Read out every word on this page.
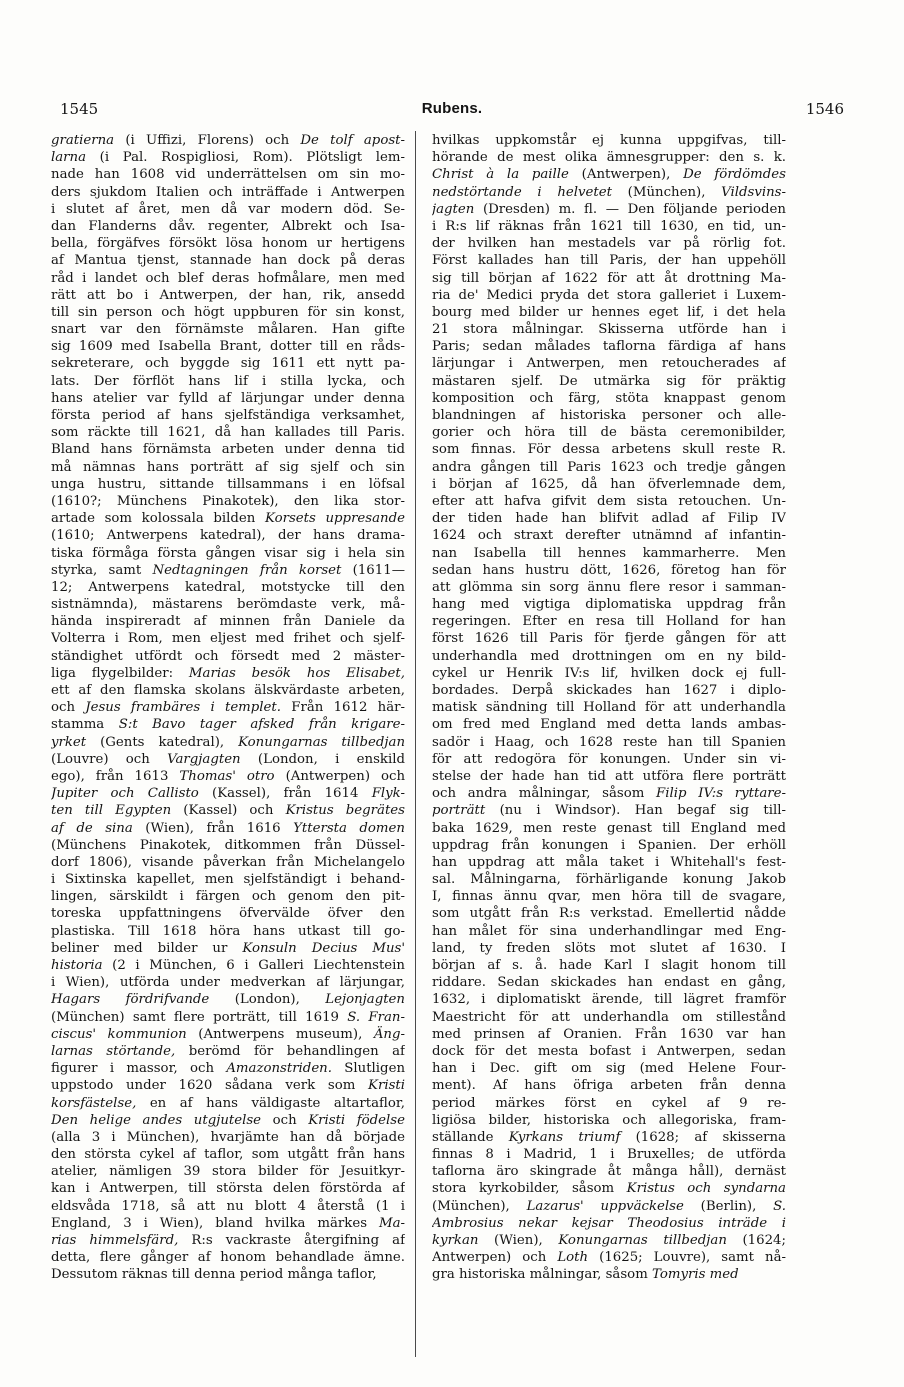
1545	Rubens.	1546
gratierna (i Uffizi, Florens) och De tolf apost-
larna (i Pal. Rospigliosi, Rom). Plötsligt lem-
nade han 1608 vid underrättelsen om sin mo-
ders sjukdom Italien och inträffade i Antwerpen
i slutet af året, men då var modern död. Se-
dan Flanderns dåv. regenter, Albrekt och Isa-
bella, förgäfves försökt lösa honom ur hertigens
af Mantua tjenst, stannade han dock på deras
råd i landet och blef deras hofmålare, men med
rätt att bo i Antwerpen, der han, rik, ansedd
till sin person och högt uppburen för sin konst,
snart var den förnämste målaren. Han gifte
sig 1609 med Isabella Brant, dotter till en råds-
sekreterare, och byggde sig 1611 ett nytt pa-
lats. Der förflöt hans lif i stilla lycka, och
hans atelier var fylld af lärjungar under denna
första period af hans sjelfständiga verksamhet,
som räckte till 1621, då han kallades till Paris.
Bland hans förnämsta arbeten under denna tid
må nämnas hans porträtt af sig sjelf och sin
unga hustru, sittande tillsammans i en löfsal
(1610?; Münchens Pinakotek), den lika stor-
artade som kolossala bilden Korsets uppresande
(1610; Antwerpens katedral), der hans drama-
tiska förmåga första gången visar sig i hela sin
styrka, samt Nedtagningen från korset (1611—
12; Antwerpens katedral, motstycke till den
sistnämnda), mästarens berömdaste verk, må-
hända inspireradt af minnen från Daniele da
Volterra i Rom, men eljest med frihet och sjelf-
ständighet utfördt och försedt med 2 mäster-
liga flygelbilder: Marias besök hos Elisabet,
ett af den flamska skolans älskvärdaste arbeten,
och Jesus frambäres i templet. Från 1612 här-
stamma S:t Bavo tager afsked från krigare-
yrket (Gents katedral), Konungarnas tillbedjan
(Louvre) och Vargjagten (London, i enskild
ego), från 1613 Thomas' otro (Antwerpen) och
Jupiter och Callisto (Kassel), från 1614 Flyk-
ten till Egypten (Kassel) och Kristus begrätes
af de sina (Wien), från 1616 Yttersta domen
(Münchens Pinakotek, ditkommen från Düssel-
dorf 1806), visande påverkan från Michelangelo
i Sixtinska kapellet, men sjelfständigt i behand-
lingen, särskildt i färgen och genom den pit-
toreska uppfattningens öfvervälde öfver den
plastiska. Till 1618 höra hans utkast till go-
beliner med bilder ur Konsuln Decius Mus'
historia (2 i München, 6 i Galleri Liechtenstein
i Wien), utförda under medverkan af lärjungar,
Hagars fördrifvande (London), Lejonjagten
(München) samt flere porträtt, till 1619 S. Fran-
ciscus' kommunion (Antwerpens museum), Äng-
larnas störtande, berömd för behandlingen af
figurer i massor, och Amazonstriden. Slutligen
uppstodo under 1620 sådana verk som Kristi
korsfästelse, en af hans väldigaste altartaflor,
Den helige andes utgjutelse och Kristi födelse
(alla 3 i München), hvarjämte han då började
den största cykel af taflor, som utgått från hans
atelier, nämligen 39 stora bilder för Jesuitkyr-
kan i Antwerpen, till största delen förstörda af
eldsvåda 1718, så att nu blott 4 återstå (1 i
England, 3 i Wien), bland hvilka märkes Ma-
rias himmelsfärd, R:s vackraste återgifning af
detta, flere gånger af honom behandlade ämne.
Dessutom räknas till denna period många taflor,
hvilkas uppkomstår ej kunna uppgifvas, till-
hörande de mest olika ämnesgrupper: den s. k.
Christ à la paille (Antwerpen), De fördömdes
nedstörtande i helvetet (München), Vildsvins-
jagten (Dresden) m. fl. — Den följande perioden
i R:s lif räknas från 1621 till 1630, en tid, un-
der hvilken han mestadels var på rörlig fot.
Först kallades han till Paris, der han uppehöll
sig till början af 1622 för att åt drottning Ma-
ria de' Medici pryda det stora galleriet i Luxem-
bourg med bilder ur hennes eget lif, i det hela
21 stora målningar. Skisserna utförde han i
Paris; sedan målades taflorna färdiga af hans
lärjungar i Antwerpen, men retoucherades af
mästaren sjelf. De utmärka sig för präktig
komposition och färg, stöta knappast genom
blandningen af historiska personer och alle-
gorier och höra till de bästa ceremonibilder,
som finnas. För dessa arbetens skull reste R.
andra gången till Paris 1623 och tredje gången
i början af 1625, då han öfverlemnade dem,
efter att hafva gifvit dem sista retouchen. Un-
der tiden hade han blifvit adlad af Filip IV
1624 och straxt derefter utnämnd af infantin-
nan Isabella till hennes kammarherre. Men
sedan hans hustru dött, 1626, företog han för
att glömma sin sorg ännu flere resor i samman-
hang med vigtiga diplomatiska uppdrag från
regeringen. Efter en resa till Holland for han
först 1626 till Paris för fjerde gången för att
underhandla med drottningen om en ny bild-
cykel ur Henrik IV:s lif, hvilken dock ej full-
bordades. Derpå skickades han 1627 i diplo-
matisk sändning till Holland för att underhandla
om fred med England med detta lands ambas-
sadör i Haag, och 1628 reste han till Spanien
för att redogöra för konungen. Under sin vi-
stelse der hade han tid att utföra flere porträtt
och andra målningar, såsom Filip IV:s ryttare-
porträtt (nu i Windsor). Han begaf sig till-
baka 1629, men reste genast till England med
uppdrag från konungen i Spanien. Der erhöll
han uppdrag att måla taket i Whitehall's fest-
sal. Målningarna, förhärligande konung Jakob
I, finnas ännu qvar, men höra till de svagare,
som utgått från R:s verkstad. Emellertid nådde
han målet för sina underhandlingar med Eng-
land, ty freden slöts mot slutet af 1630. I
början af s. å. hade Karl I slagit honom till
riddare. Sedan skickades han endast en gång,
1632, i diplomatiskt ärende, till lägret framför
Maestricht för att underhandla om stillestånd
med prinsen af Oranien. Från 1630 var han
dock för det mesta bofast i Antwerpen, sedan
han i Dec. gift om sig (med Helene Four-
ment). Af hans öfriga arbeten från denna
period märkes först en cykel af 9 re-
ligiösa bilder, historiska och allegoriska, fram-
ställande Kyrkans triumf (1628; af skisserna
finnas 8 i Madrid, 1 i Bruxelles; de utförda
taflorna äro skingrade åt många håll), dernäst
stora kyrkobilder, såsom Kristus och syndarna
(München), Lazarus' uppväckelse (Berlin), S.
Ambrosius nekar kejsar Theodosius inträde i
kyrkan (Wien), Konungarnas tillbedjan (1624;
Antwerpen) och Loth (1625; Louvre), samt nå-
gra historiska målningar, såsom Tomyris med
